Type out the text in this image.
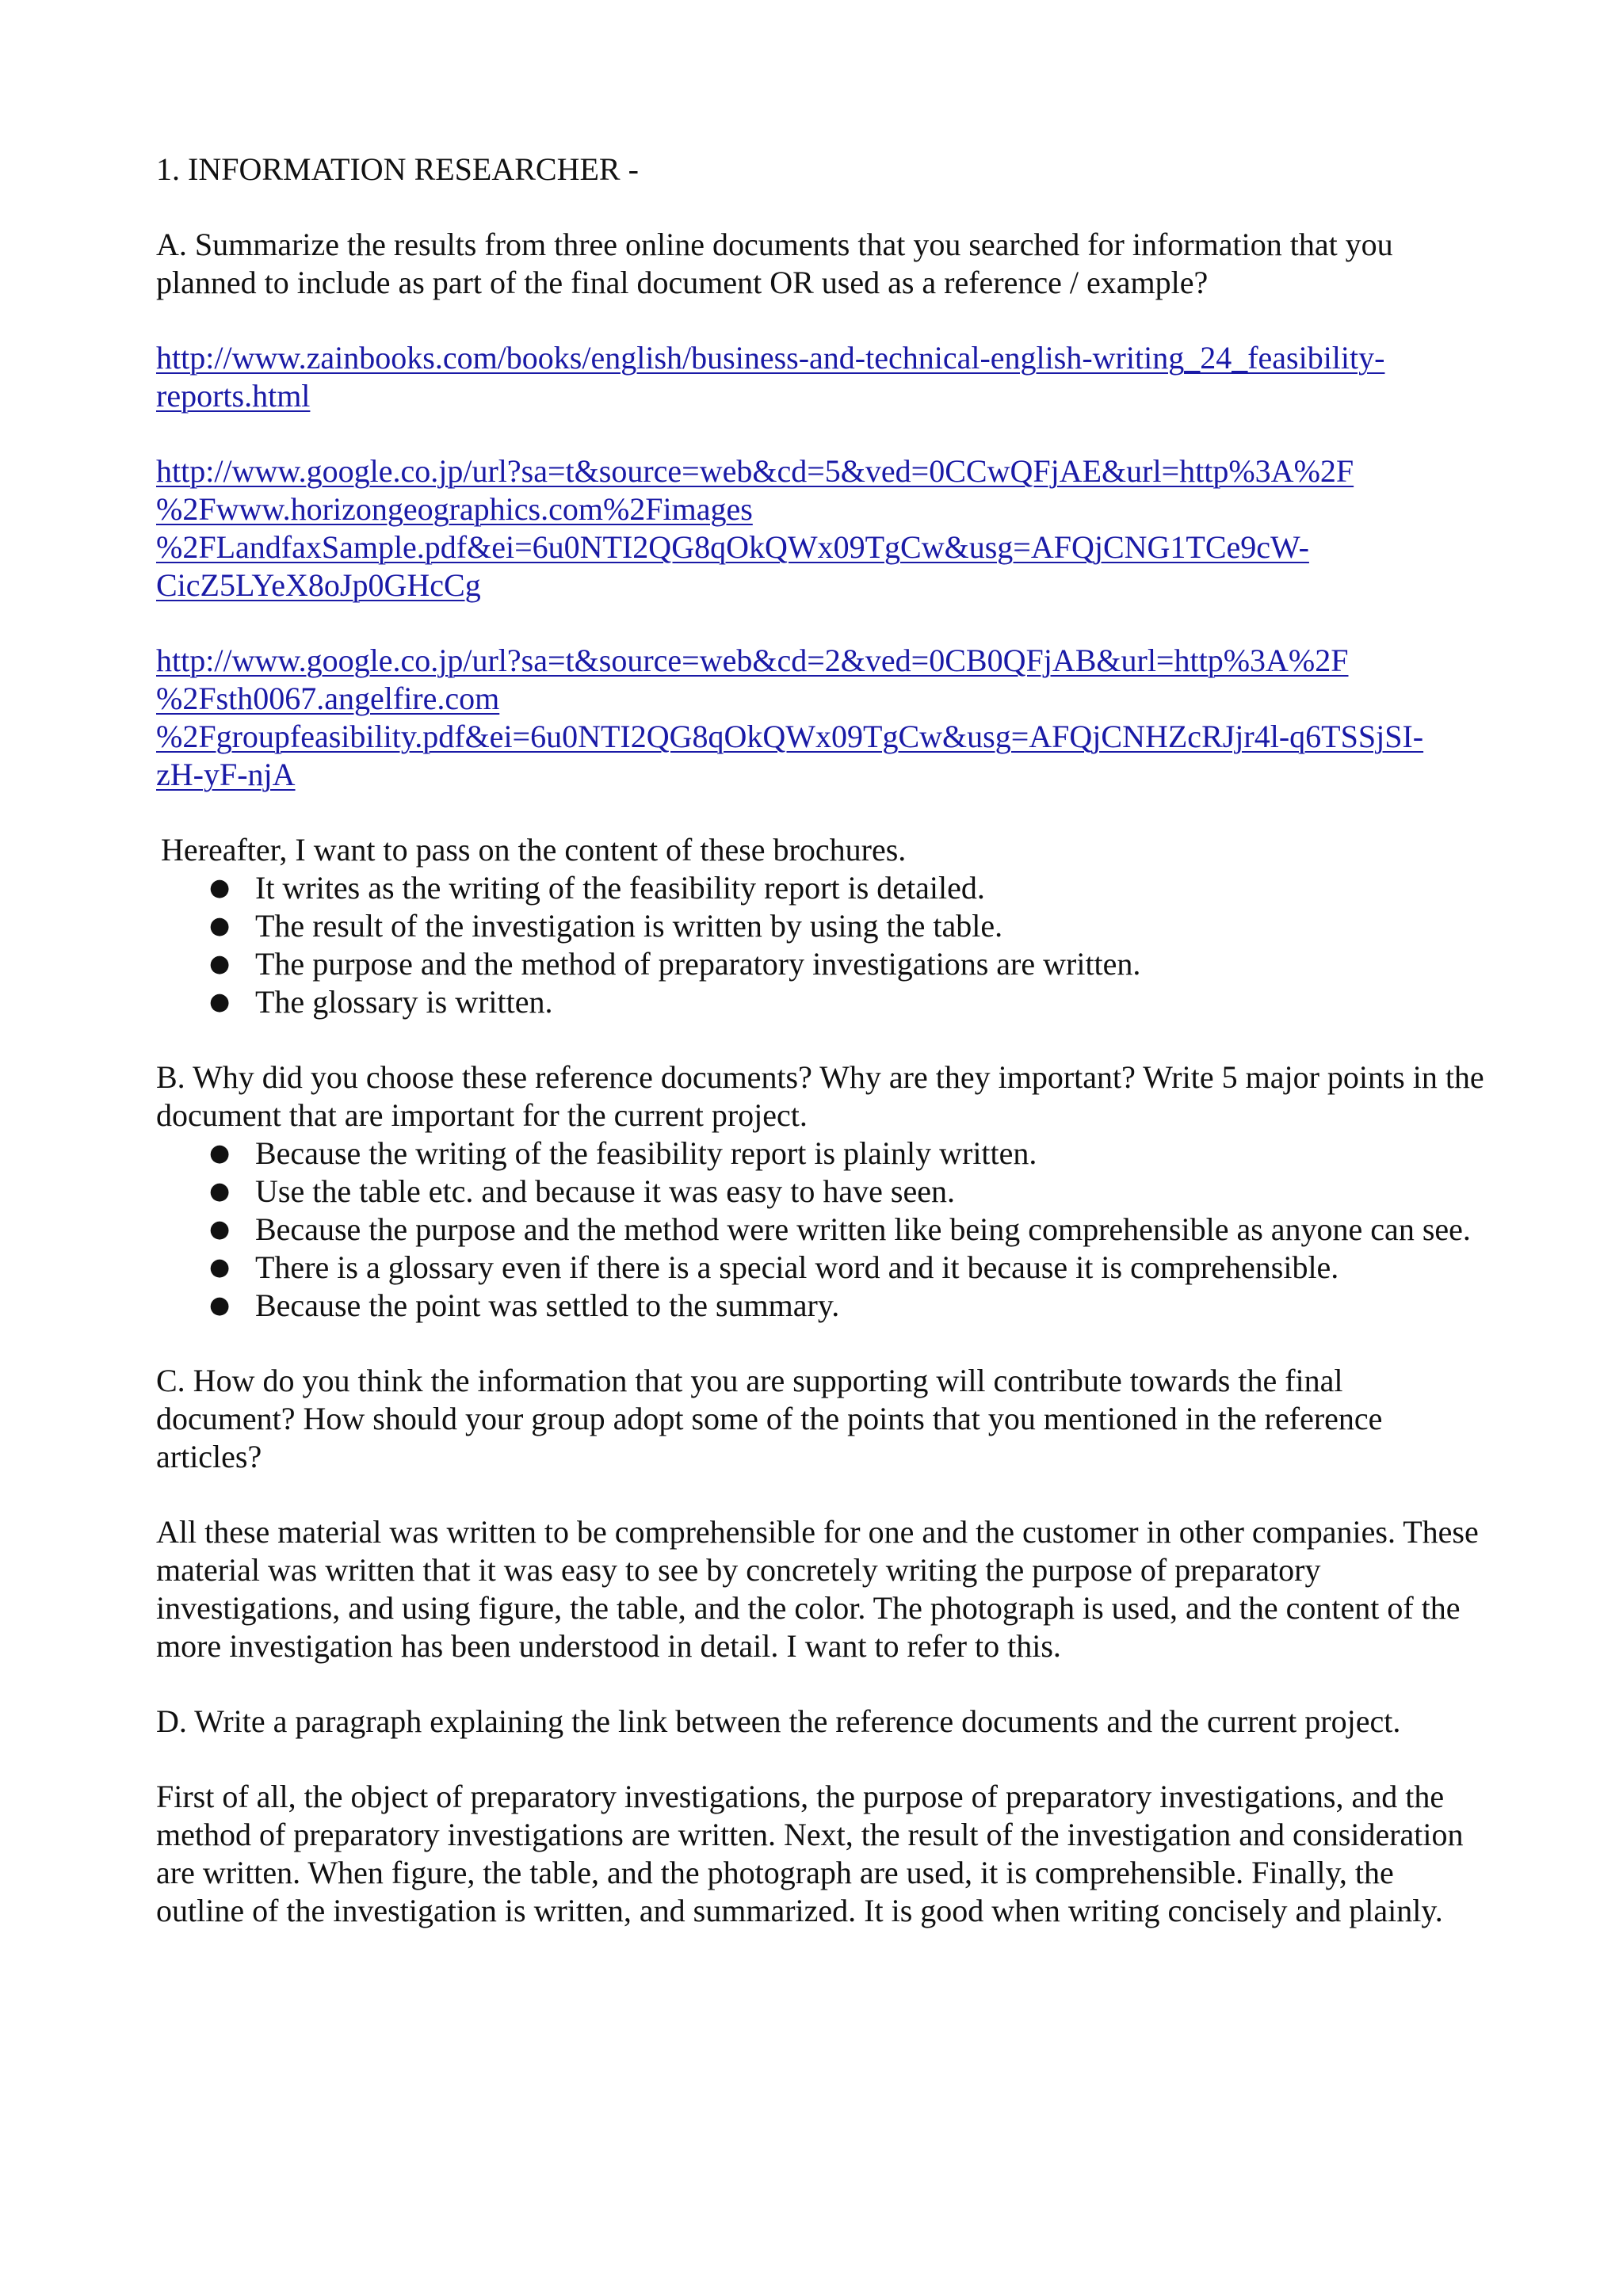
1. INFORMATION RESEARCHER -

A. Summarize the results from three online documents that you searched for information that you planned to include as part of the final document OR used as a reference / example?

http://www.zainbooks.com/books/english/business-and-technical-english-writing_24_feasibility-
reports.html
http://www.google.co.jp/url?sa=t&source=web&cd=5&ved=0CCwQFjAE&url=http%3A%2F
%2Fwww.horizongeographics.com%2Fimages
%2FLandfaxSample.pdf&ei=6u0NTI2QG8qOkQWx09TgCw&usg=AFQjCNG1TCe9cW-
CicZ5LYeX8oJp0GHcCg
http://www.google.co.jp/url?sa=t&source=web&cd=2&ved=0CB0QFjAB&url=http%3A%2F
%2Fsth0067.angelfire.com
%2Fgroupfeasibility.pdf&ei=6u0NTI2QG8qOkQWx09TgCw&usg=AFQjCNHZcRJjr4l-q6TSSjSI-
zH-yF-njA

Hereafter, I want to pass on the content of these brochures.

● It writes as the writing of the feasibility report is detailed.
● The result of the investigation is written by using the table.
● The purpose and the method of preparatory investigations are written.
● The glossary is written.

B. Why did you choose these reference documents? Why are they important? Write 5 major points in the document that are important for the current project.

● Because the writing of the feasibility report is plainly written.
● Use the table etc. and because it was easy to have seen.
● Because the purpose and the method were written like being comprehensible as anyone can see.
● There is a glossary even if there is a special word and it because it is comprehensible.
● Because the point was settled to the summary.

C. How do you think the information that you are supporting will contribute towards the final document? How should your group adopt some of the points that you mentioned in the reference articles?

All these material was written to be comprehensible for one and the customer in other companies. These material was written that it was easy to see by concretely writing the purpose of preparatory investigations, and using figure, the table, and the color. The photograph is used, and the content of the more investigation has been understood in detail. I want to refer to this.

D. Write a paragraph explaining the link between the reference documents and the current project.

First of all, the object of preparatory investigations, the purpose of preparatory investigations, and the method of preparatory investigations are written. Next, the result of the investigation and consideration are written. When figure, the table, and the photograph are used, it is comprehensible. Finally, the outline of the investigation is written, and summarized. It is good when writing concisely and plainly.
